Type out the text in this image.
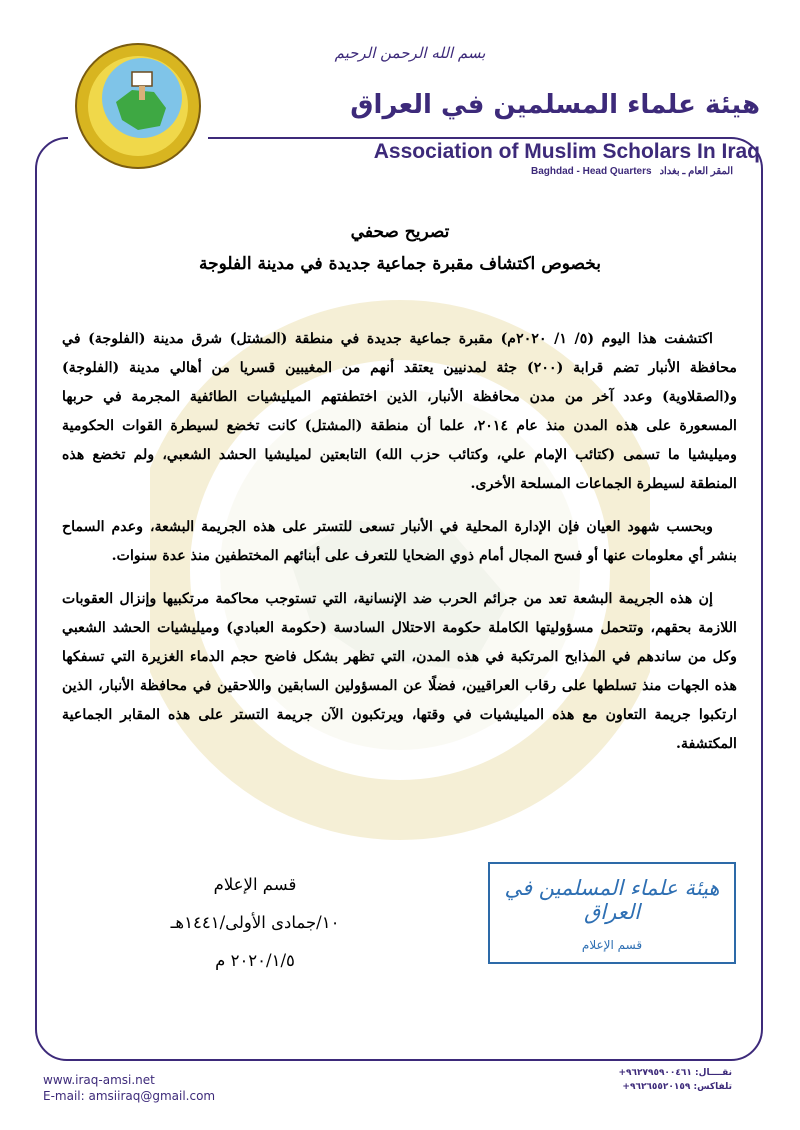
بسم الله الرحمن الرحيم
هيئة علماء المسلمين في العراق
Association of Muslim Scholars In Iraq
Baghdad - Head Quarters المقر العام ـ بغداد
تصريح صحفي
بخصوص اكتشاف مقبرة جماعية جديدة في مدينة الفلوجة

اكتشفت هذا اليوم (٥/ ١/ ٢٠٢٠م) مقبرة جماعية جديدة في منطقة (المشتل) شرق مدينة (الفلوجة) في محافظة الأنبار تضم قرابة (٢٠٠) جثة لمدنيين يعتقد أنهم من المغيبين قسريا من أهالي مدينة (الفلوجة) و(الصقلاوية) وعدد آخر من مدن محافظة الأنبار، الذين اختطفتهم الميليشيات الطائفية المجرمة في حربها المسعورة على هذه المدن منذ عام ٢٠١٤، علما أن منطقة (المشتل) كانت تخضع لسيطرة القوات الحكومية وميليشيا ما تسمى (كتائب الإمام علي، وكتائب حزب الله) التابعتين لميليشيا الحشد الشعبي، ولم تخضع هذه المنطقة لسيطرة الجماعات المسلحة الأخرى.

وبحسب شهود العيان فإن الإدارة المحلية في الأنبار تسعى للتستر على هذه الجريمة البشعة، وعدم السماح بنشر أي معلومات عنها أو فسح المجال أمام ذوي الضحايا للتعرف على أبنائهم المختطفين منذ عدة سنوات.

إن هذه الجريمة البشعة تعد من جرائم الحرب ضد الإنسانية، التي تستوجب محاكمة مرتكبيها وإنزال العقوبات اللازمة بحقهم، وتتحمل مسؤوليتها الكاملة حكومة الاحتلال السادسة (حكومة العبادي) وميليشيات الحشد الشعبي وكل من ساندهم في المذابح المرتكبة في هذه المدن، التي تظهر بشكل فاضح حجم الدماء الغزيرة التي تسفكها هذه الجهات منذ تسلطها على رقاب العراقيين، فضلًا عن المسؤولين السابقين واللاحقين في محافظة الأنبار، الذين ارتكبوا جريمة التعاون مع هذه الميليشيات في وقتها، ويرتكبون الآن جريمة التستر على هذه المقابر الجماعية المكتشفة.

قسم الإعلام
١٠/جمادى الأولى/١٤٤١هـ
٢٠٢٠/١/٥ م
هيئة علماء المسلمين في العراق
قسم الإعلام
www.iraq-amsi.net
E-mail: amsiiraq@gmail.com
نقــــال: +٩٦٢٧٩٥٩٠٠٤٦١
تلفاكس: +٩٦٢٦٥٥٢٠١٥٩
